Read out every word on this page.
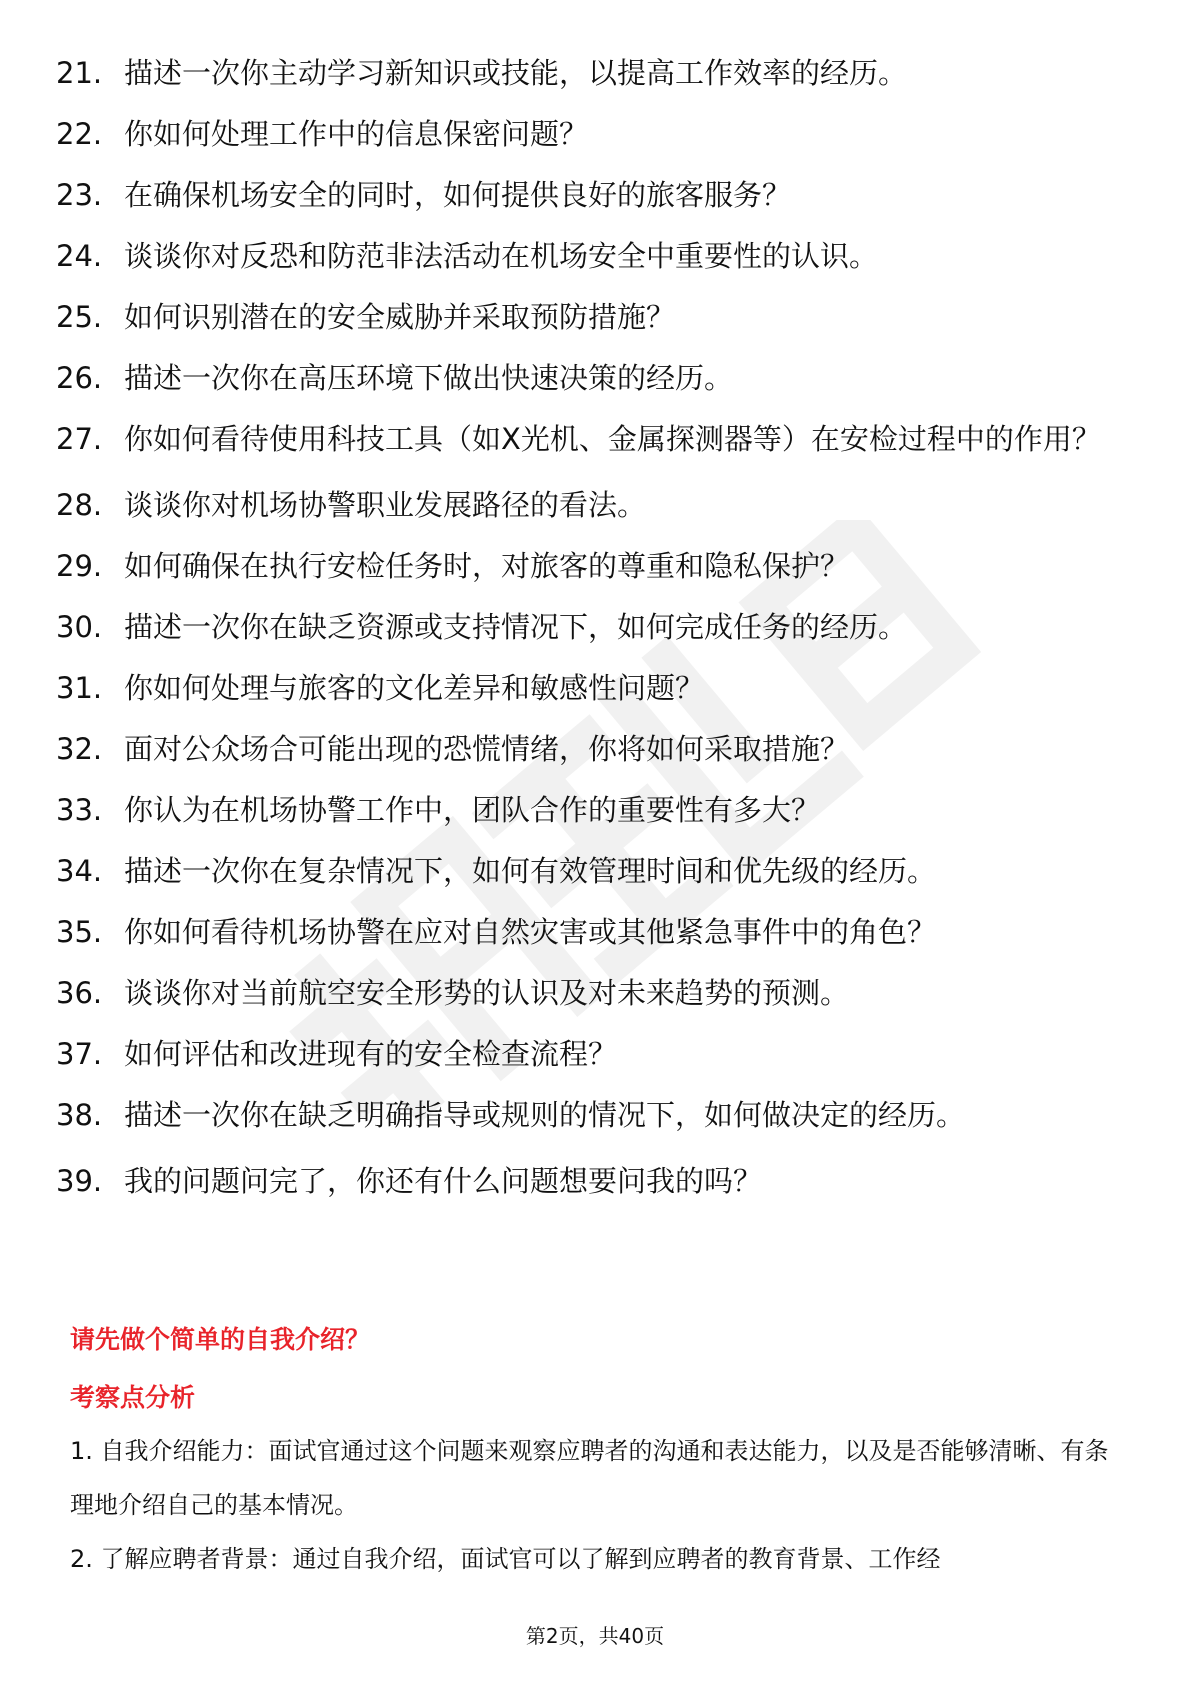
21. 描述一次你主动学习新知识或技能，以提高工作效率的经历。
22. 你如何处理工作中的信息保密问题？
23. 在确保机场安全的同时，如何提供良好的旅客服务？
24. 谈谈你对反恐和防范非法活动在机场安全中重要性的认识。
25. 如何识别潜在的安全威胁并采取预防措施？
26. 描述一次你在高压环境下做出快速决策的经历。
27. 你如何看待使用科技工具（如X光机、金属探测器等）在安检过程中的作用？
28. 谈谈你对机场协警职业发展路径的看法。
29. 如何确保在执行安检任务时，对旅客的尊重和隐私保护？
30. 描述一次你在缺乏资源或支持情况下，如何完成任务的经历。
31. 你如何处理与旅客的文化差异和敏感性问题？
32. 面对公众场合可能出现的恐慌情绪，你将如何采取措施？
33. 你认为在机场协警工作中，团队合作的重要性有多大？
34. 描述一次你在复杂情况下，如何有效管理时间和优先级的经历。
35. 你如何看待机场协警在应对自然灾害或其他紧急事件中的角色？
36. 谈谈你对当前航空安全形势的认识及对未来趋势的预测。
37. 如何评估和改进现有的安全检查流程？
38. 描述一次你在缺乏明确指导或规则的情况下，如何做决定的经历。
39. 我的问题问完了，你还有什么问题想要问我的吗？
请先做个简单的自我介绍？
考察点分析
1. 自我介绍能力：面试官通过这个问题来观察应聘者的沟通和表达能力，以及是否能够清晰、有条理地介绍自己的基本情况。
2. 了解应聘者背景：通过自我介绍，面试官可以了解到应聘者的教育背景、工作经
第2页，共40页
